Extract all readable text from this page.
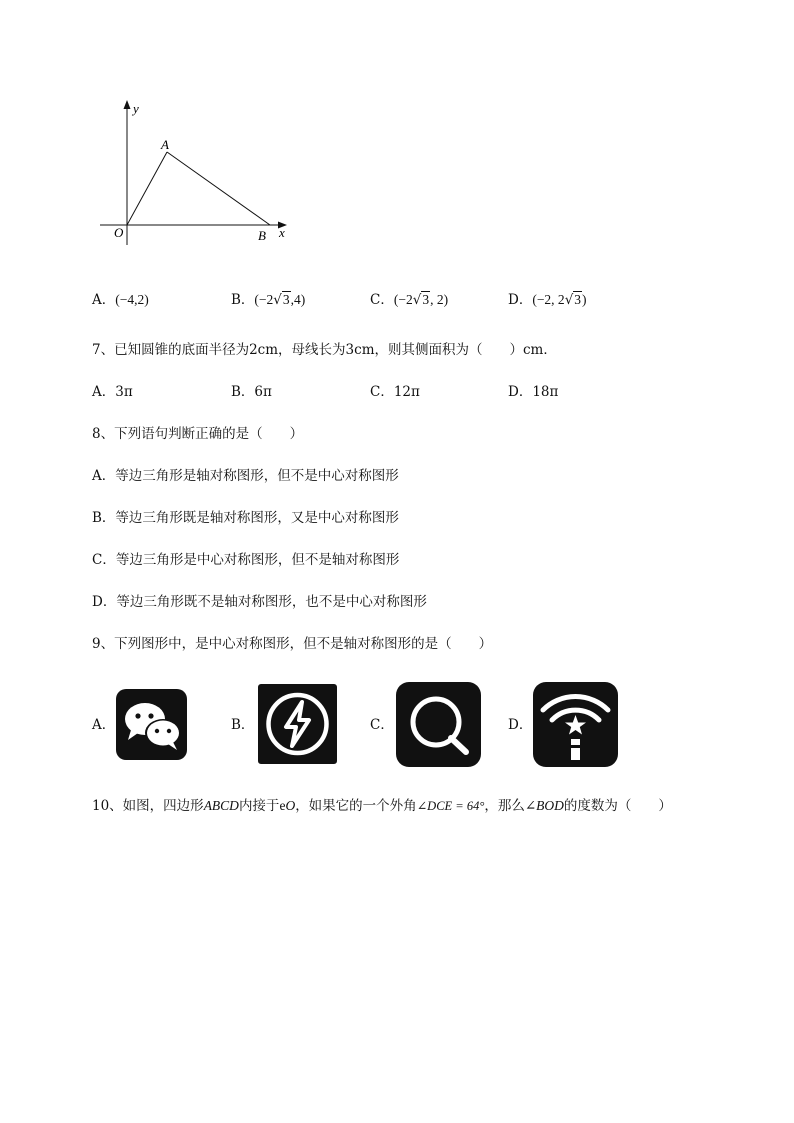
y
A
O	B x
A．(−4,2)	B．(−2√3,4)	C．(−2√3, 2)	D．(−2, 2√3)
7、已知圆锥的底面半径为2cm，母线长为3cm，则其侧面积为（　　）cm．
A．3π	B．6π	C．12π	D．18π
8、下列语句判断正确的是（　　）
A．等边三角形是轴对称图形，但不是中心对称图形
B．等边三角形既是轴对称图形，又是中心对称图形
C．等边三角形是中心对称图形，但不是轴对称图形
D．等边三角形既不是轴对称图形，也不是中心对称图形
9、下列图形中，是中心对称图形，但不是轴对称图形的是（　　）
A．	B．	C．	D．
10、如图，四边形ABCD内接于eO，如果它的一个外角∠DCE = 64°，那么∠BOD的度数为（　　）
